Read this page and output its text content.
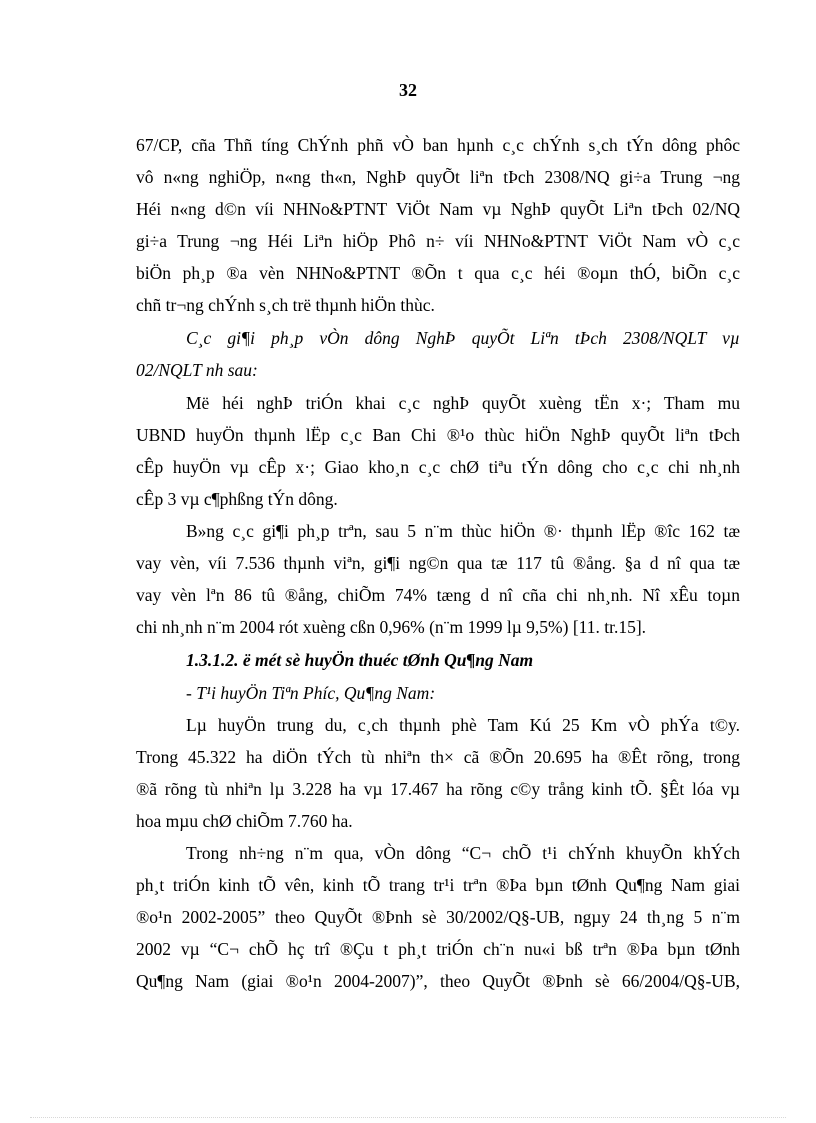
32
67/CP, cña Thñ tíng ChÝnh phñ vÒ ban hµnh c¸c chÝnh s¸ch tÝn dông phôc
vô n«ng nghiÖp, n«ng th«n, NghÞ quyÕt liªn tÞch 2308/NQ gi÷a Trung ¬ng
Héi n«ng d©n víi NHNo&PTNT ViÖt Nam vµ NghÞ quyÕt Liªn tÞch 02/NQ
gi÷a Trung ¬ng Héi Liªn hiÖp Phô n÷ víi NHNo&PTNT ViÖt Nam vÒ c¸c
biÖn ph¸p ®a vèn NHNo&PTNT ®Õn t qua c¸c héi ®oµn thÓ, biÕn c¸c
chñ tr¬ng chÝnh s¸ch trë thµnh hiÖn thùc.
C¸c gi¶i ph¸p vÒn dông NghÞ quyÕt Liªn tÞch 2308/NQLT vµ
02/NQLT nh sau:
Më héi nghÞ triÓn khai c¸c nghÞ quyÕt xuèng tËn x·; Tham mu
UBND huyÖn thµnh lËp c¸c Ban Chi ®¹o thùc hiÖn NghÞ quyÕt liªn tÞch
cÊp huyÖn vµ cÊp x·; Giao kho¸n c¸c chØ tiªu tÝn dông cho c¸c chi nh¸nh
cÊp 3 vµ c¶phßng tÝn dông.
B»ng c¸c gi¶i ph¸p trªn, sau 5 n¨m thùc hiÖn ®· thµnh lËp ®îc 162 tæ
vay vèn, víi 7.536 thµnh viªn, gi¶i ng©n qua tæ 117 tû ®ång. §a d nî qua tæ
vay vèn lªn 86 tû ®ång, chiÕm 74% tæng d nî cña chi nh¸nh. Nî xÊu toµn
chi nh¸nh n¨m 2004 rót xuèng cßn 0,96% (n¨m 1999 lµ 9,5%) [11. tr.15].
1.3.1.2. ë mét sè huyÖn thuéc tØnh Qu¶ng Nam
- T¹i huyÖn Tiªn Phíc, Qu¶ng Nam:
Lµ huyÖn trung du, c¸ch thµnh phè Tam Kú 25 Km vÒ phÝa t©y.
Trong 45.322 ha diÖn tÝch tù nhiªn th× cã ®Õn 20.695 ha ®Êt rõng, trong
®ã rõng tù nhiªn lµ 3.228 ha vµ 17.467 ha rõng c©y trång kinh tÕ. §Êt lóa vµ
hoa mµu chØ chiÕm 7.760 ha.
Trong nh÷ng n¨m qua, vÒn dông “C¬ chÕ t¹i chÝnh khuyÕn khÝch
ph¸t triÓn kinh tÕ vên, kinh tÕ trang tr¹i trªn ®Þa bµn tØnh Qu¶ng Nam giai
®o¹n 2002-2005” theo QuyÕt ®Þnh sè 30/2002/Q§-UB, ngµy 24 th¸ng 5 n¨m
2002 vµ “C¬ chÕ hç trî ®Çu t ph¸t triÓn ch¨n nu«i bß trªn ®Þa bµn tØnh
Qu¶ng Nam (giai ®o¹n 2004-2007)”, theo QuyÕt ®Þnh sè 66/2004/Q§-UB,
